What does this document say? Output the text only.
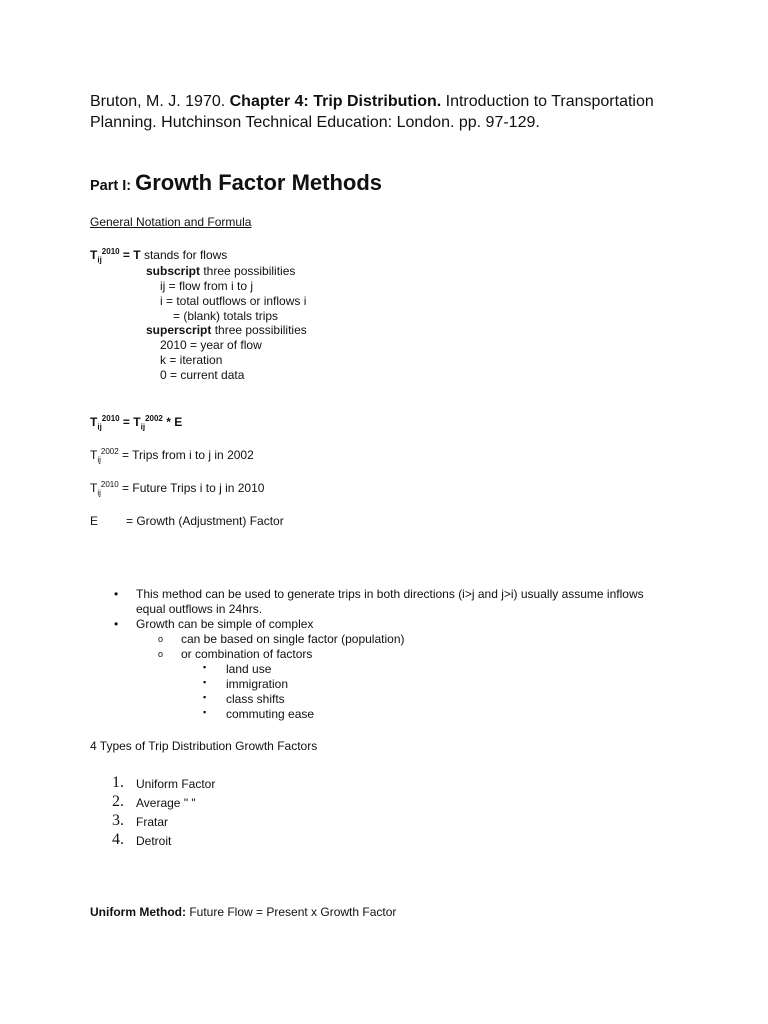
Bruton, M. J. 1970. Chapter 4: Trip Distribution. Introduction to Transportation Planning. Hutchinson Technical Education: London. pp. 97-129.
Part I: Growth Factor Methods
General Notation and Formula
$T_{ij}^{2010} = T$ stands for flows
subscript three possibilities
ij = flow from i to j
i = total outflows or inflows i
= (blank) totals trips
superscript three possibilities
2010 = year of flow
k = iteration
0 = current data
$T_{ij}^{2010} = T_{ij}^{2002} * E$
$T_{ij}^{2002}$ = Trips from i to j in 2002
$T_{ij}^{2010}$ = Future Trips i to j in 2010
E = Growth (Adjustment) Factor
• This method can be used to generate trips in both directions (i>j and j>i) usually assume inflows
equal outflows in 24hrs.
• Growth can be simple of complex
o can be based on single factor (population)
o or combination of factors
▪ land use
▪ immigration
▪ class shifts
▪ commuting ease
4 Types of Trip Distribution Growth Factors
1. Uniform Factor
2. Average " "
3. Fratar
4. Detroit
Uniform Method: Future Flow = Present x Growth Factor
